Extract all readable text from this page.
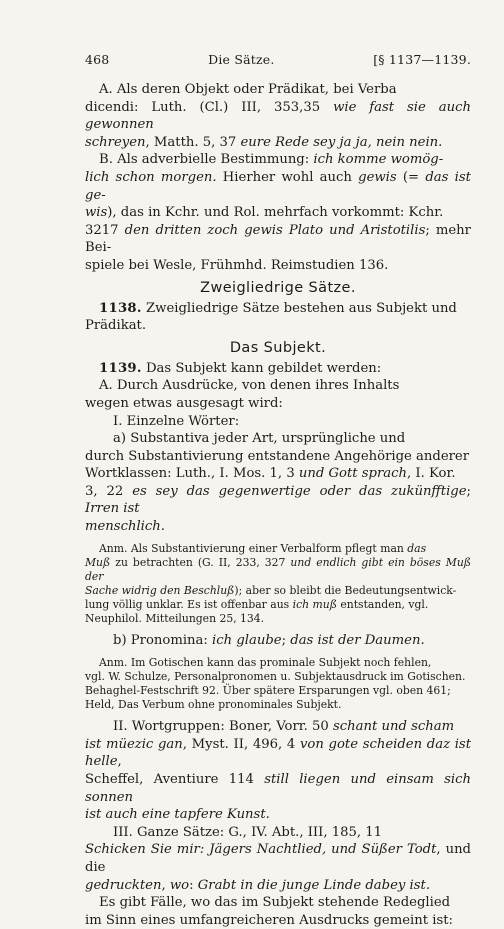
468	Die Sätze.	[§ 1137—1139.

A. Als deren Objekt oder Prädikat, bei Verba

dicendi: Luth. (Cl.) III, 353,35 wie fast sie auch gewonnen

schreyen, Matth. 5, 37 eure Rede sey ja ja, nein nein.

B. Als adverbielle Bestimmung: ich komme womög-

lich schon morgen. Hierher wohl auch gewis (= das ist ge-

wis), das in Kchr. und Rol. mehrfach vorkommt: Kchr.

3217 den dritten zoch gewis Plato und Aristotilis; mehr Bei-

spiele bei Wesle, Frühmhd. Reimstudien 136.

Zweigliedrige Sätze.

1138. Zweigliedrige Sätze bestehen aus Subjekt und

Prädikat.

Das Subjekt.

1139. Das Subjekt kann gebildet werden:

A. Durch Ausdrücke, von denen ihres Inhalts

wegen etwas ausgesagt wird:

I. Einzelne Wörter:

a) Substantiva jeder Art, ursprüngliche und

durch Substantivierung entstandene Angehörige anderer

Wortklassen: Luth., I. Mos. 1, 3 und Gott sprach, I. Kor.

3, 22 es sey das gegenwertige oder das zukünfftige; Irren ist

menschlich.

Anm. Als Substantivierung einer Verbalform pflegt man das

Muß zu betrachten (G. II, 233, 327 und endlich gibt ein böses Muß der

Sache widrig den Beschluß); aber so bleibt die Bedeutungsentwick-

lung völlig unklar. Es ist offenbar aus ich muß entstanden, vgl.

Neuphilol. Mitteilungen 25, 134.

b) Pronomina: ich glaube; das ist der Daumen.

Anm. Im Gotischen kann das prominale Subjekt noch fehlen,

vgl. W. Schulze, Personalpronomen u. Subjektausdruck im Gotischen.

Behaghel-Festschrift 92. Über spätere Ersparungen vgl. oben 461;

Held, Das Verbum ohne pronominales Subjekt.

II. Wortgruppen: Boner, Vorr. 50 schant und scham

ist müezic gan, Myst. II, 496, 4 von gote scheiden daz ist helle,

Scheffel, Aventiure 114 still liegen und einsam sich sonnen

ist auch eine tapfere Kunst.

III. Ganze Sätze: G., IV. Abt., III, 185, 11

Schicken Sie mir: Jägers Nachtlied, und Süßer Todt, und die

gedruckten, wo: Grabt in die junge Linde dabey ist.

Es gibt Fälle, wo das im Subjekt stehende Redeglied

im Sinn eines umfangreicheren Ausdrucks gemeint ist:
